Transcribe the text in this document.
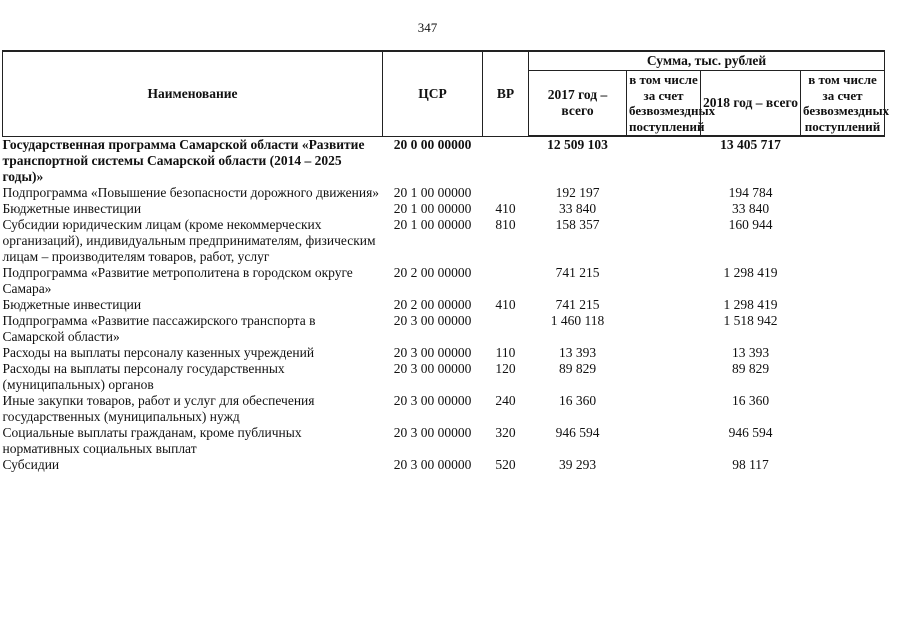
347
Наименование	ЦСР	ВР	Сумма, тыс. рублей			
			2017 год – всего	в том числе за счет безвозмездных поступлений	2018 год – всего	в том числе за счет безвозмездных поступлений
Государственная программа Самарской области «Развитие транспортной системы Самарской области (2014 – 2025 годы)»	20 0 00 00000		12 509 103		13 405 717	
Подпрограмма «Повышение безопасности дорожного движения»	20 1 00 00000		192 197		194 784	
Бюджетные инвестиции	20 1 00 00000	410	33 840		33 840	
Субсидии юридическим лицам (кроме некоммерческих организаций), индивидуальным предпринимателям, физическим лицам – производителям товаров, работ, услуг	20 1 00 00000	810	158 357		160 944	
Подпрограмма «Развитие метрополитена в городском округе Самара»	20 2 00 00000		741 215		1 298 419	
Бюджетные инвестиции	20 2 00 00000	410	741 215		1 298 419	
Подпрограмма «Развитие пассажирского транспорта в Самарской области»	20 3 00 00000		1 460 118		1 518 942	
Расходы на выплаты персоналу казенных учреждений	20 3 00 00000	110	13 393		13 393	
Расходы на выплаты персоналу государственных (муниципальных) органов	20 3 00 00000	120	89 829		89 829	
Иные закупки товаров, работ и услуг для обеспечения государственных (муниципальных) нужд	20 3 00 00000	240	16 360		16 360	
Социальные выплаты гражданам, кроме публичных нормативных социальных выплат	20 3 00 00000	320	946 594		946 594	
Субсидии	20 3 00 00000	520	39 293		98 117	
